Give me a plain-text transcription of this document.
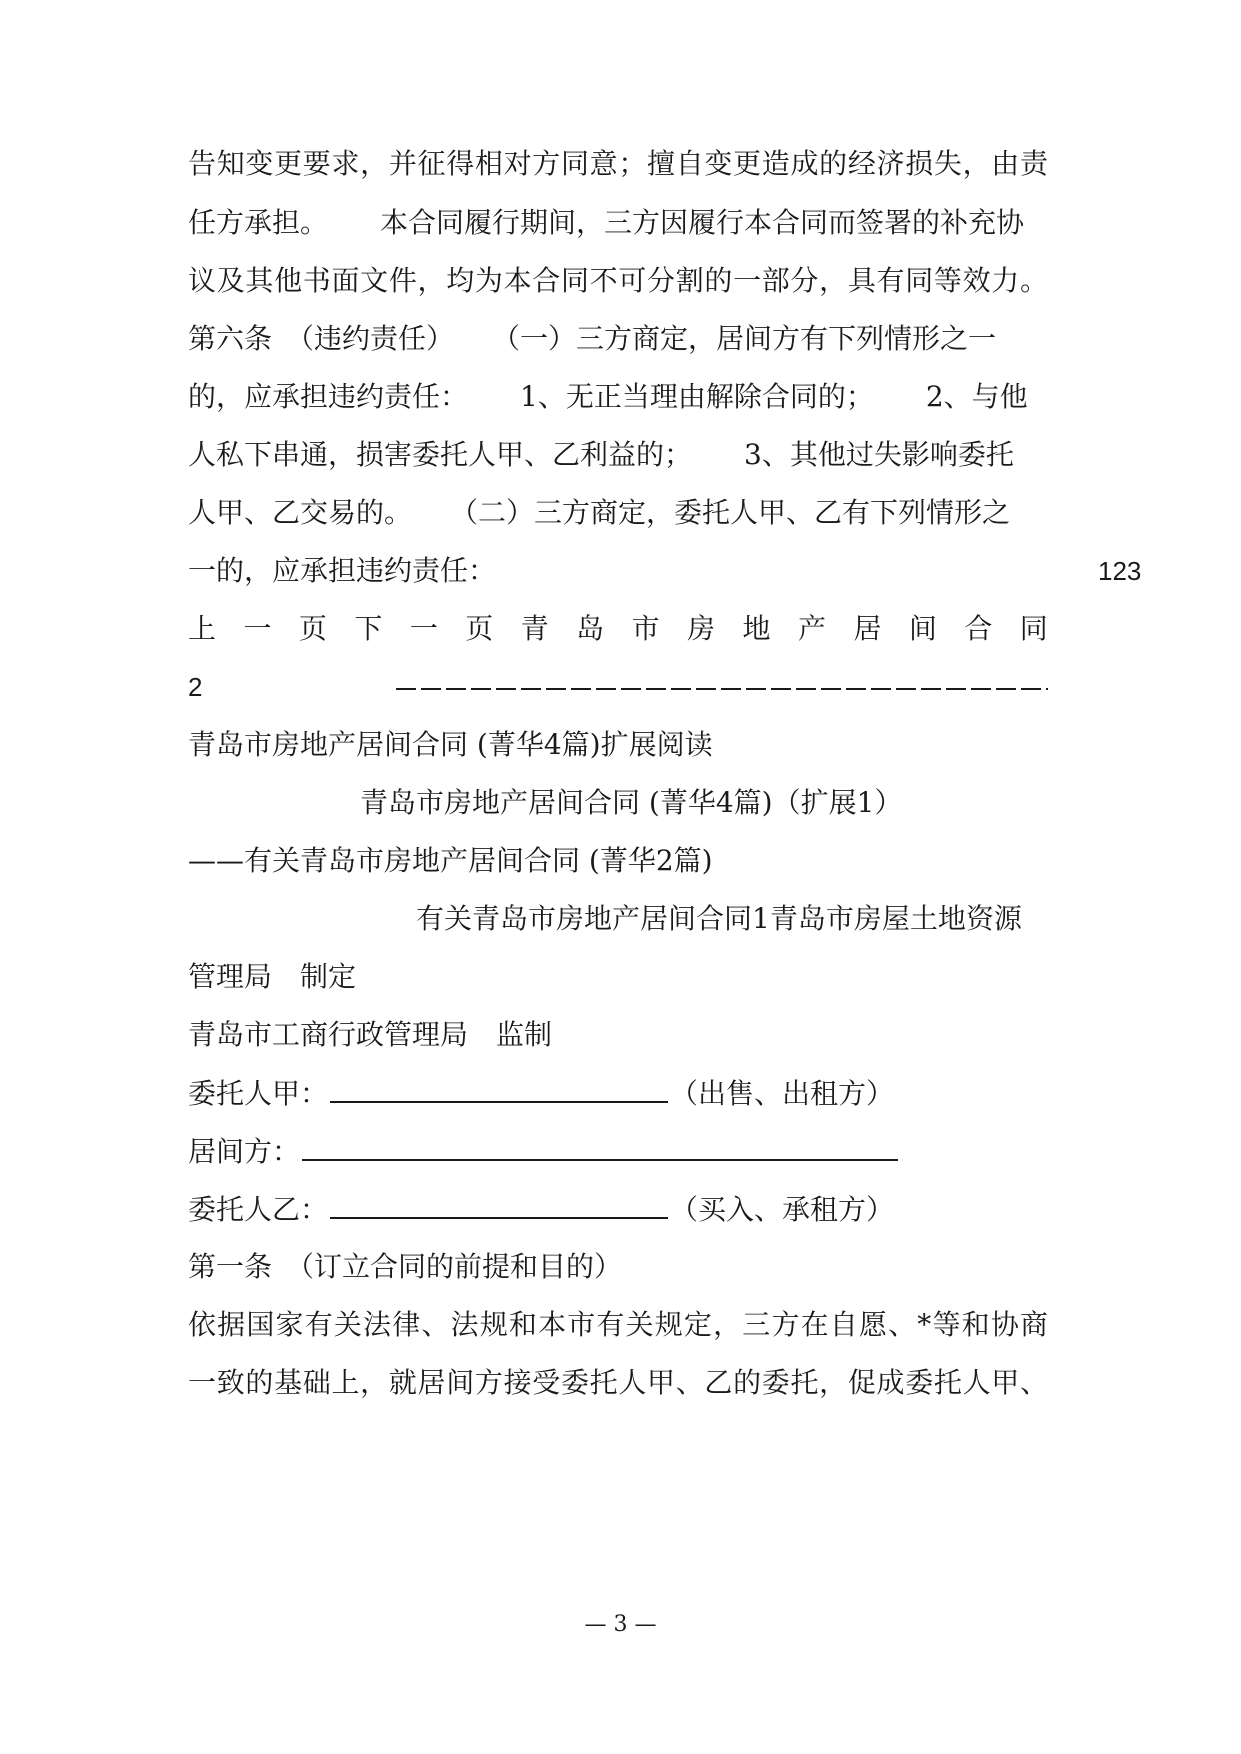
告知变更要求，并征得相对方同意；擅自变更造成的经济损失，由责
任方承担。 本合同履行期间，三方因履行本合同而签署的补充协
议及其他书面文件，均为本合同不可分割的一部分，具有同等效力。
第六条　（违约责任） （一）三方商定，居间方有下列情形之一
的，应承担违约责任： 1、无正当理由解除合同的； 2、与他
人私下串通，损害委托人甲、乙利益的； 3、其他过失影响委托
人甲、乙交易的。 （二）三方商定，委托人甲、乙有下列情形之
一的，应承担违约责任：	123
上 一 页 下 一 页 青 岛 市 房 地 产 居 间 合 同
2
青岛市房地产居间合同 (菁华4篇)扩展阅读
青岛市房地产居间合同 (菁华4篇)（扩展1）
——有关青岛市房地产居间合同 (菁华2篇)
有关青岛市房地产居间合同1青岛市房屋土地资源
管理局　制定
青岛市工商行政管理局　监制
委托人甲：	（出售、出租方）
居间方：
委托人乙：	（买入、承租方）
第一条　（订立合同的前提和目的）
依据国家有关法律、法规和本市有关规定，三方在自愿、*等和协商
一致的基础上，就居间方接受委托人甲、乙的委托，促成委托人甲、
— 3 —
